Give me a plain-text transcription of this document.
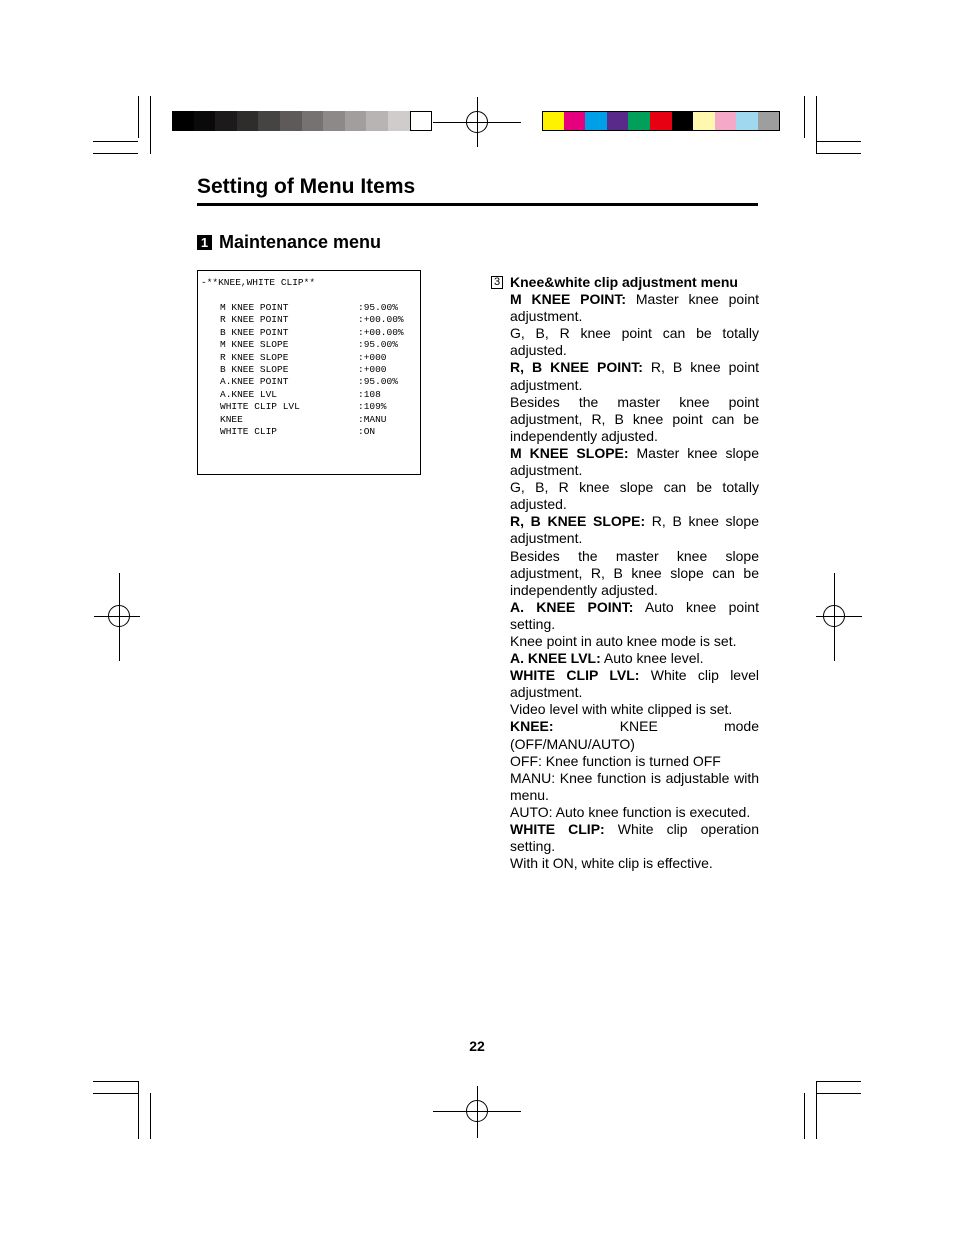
Setting of Menu Items
1 Maintenance menu
-**KNEE,WHITE CLIP**
M KNEE POINT	:95.00%
R KNEE POINT	:+00.00%
B KNEE POINT	:+00.00%
M KNEE SLOPE	:95.00%
R KNEE SLOPE	:+000
B KNEE SLOPE	:+000
A.KNEE POINT	:95.00%
A.KNEE LVL	:108
WHITE CLIP LVL	:109%
KNEE	:MANU
WHITE CLIP	:ON
3 Knee&white clip adjustment menu
M KNEE POINT: Master knee point adjustment.
G, B, R knee point can be totally adjusted.
R, B KNEE POINT: R, B knee point adjustment.
Besides the master knee point adjustment, R, B knee point can be independently adjusted.
M KNEE SLOPE: Master knee slope adjustment.
G, B, R knee slope can be totally adjusted.
R, B KNEE SLOPE: R, B knee slope adjustment.
Besides the master knee slope adjustment, R, B knee slope can be independently adjusted.
A. KNEE POINT: Auto knee point setting.
Knee point in auto knee mode is set.
A. KNEE LVL: Auto knee level.
WHITE CLIP LVL: White clip level adjustment.
Video level with white clipped is set.
KNEE: KNEE mode (OFF/MANU/AUTO)
OFF: Knee function is turned OFF
MANU: Knee function is adjustable with menu.
AUTO: Auto knee function is executed.
WHITE CLIP: White clip operation setting.
With it ON, white clip is effective.
22
